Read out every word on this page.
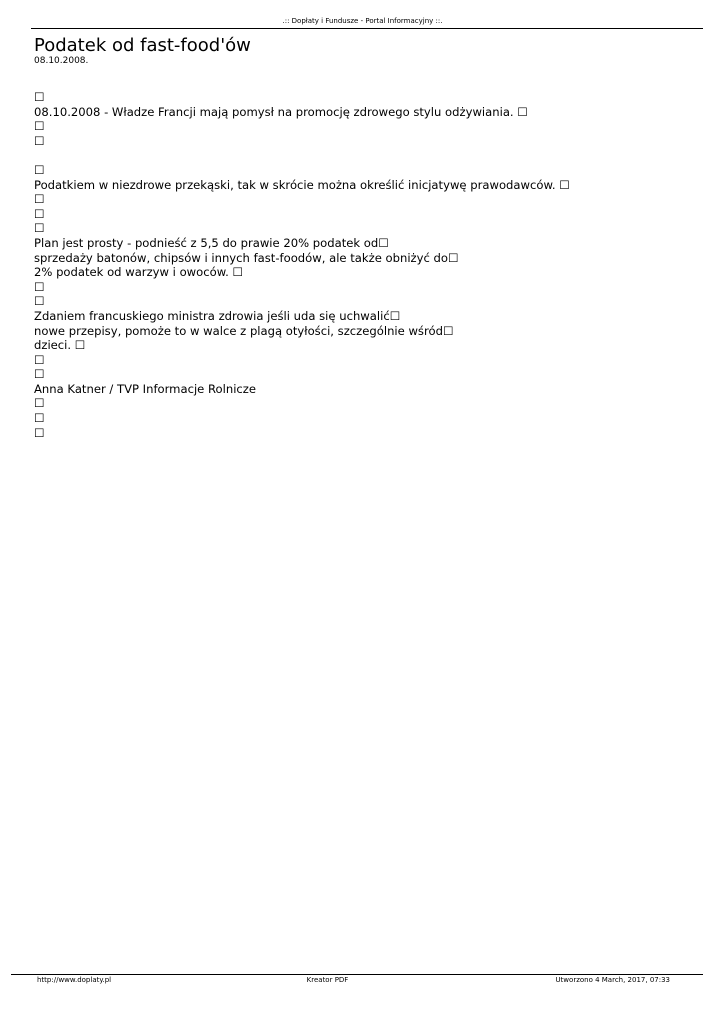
.:: Dopłaty i Fundusze - Portal Informacyjny ::.
Podatek od fast-food'ów
08.10.2008.
☐
08.10.2008 - Władze Francji mają pomysł na promocję zdrowego stylu odżywiania. ☐
☐
☐
☐
Podatkiem w niezdrowe przekąski, tak w skrócie można określić inicjatywę prawodawców. ☐
☐
☐
☐
Plan jest prosty - podnieść z 5,5 do prawie 20% podatek od☐
sprzedaży batonów, chipsów i innych fast-foodów, ale także obniżyć do☐
2% podatek od warzyw i owoców. ☐
☐
☐
Zdaniem francuskiego ministra zdrowia jeśli uda się uchwalić☐
nowe przepisy, pomoże to w walce z plagą otyłości, szczególnie wśród☐
dzieci. ☐
☐
☐
Anna Katner / TVP Informacje Rolnicze
☐
☐
☐
http://www.doplaty.pl	Kreator PDF	Utworzono 4 March, 2017, 07:33
